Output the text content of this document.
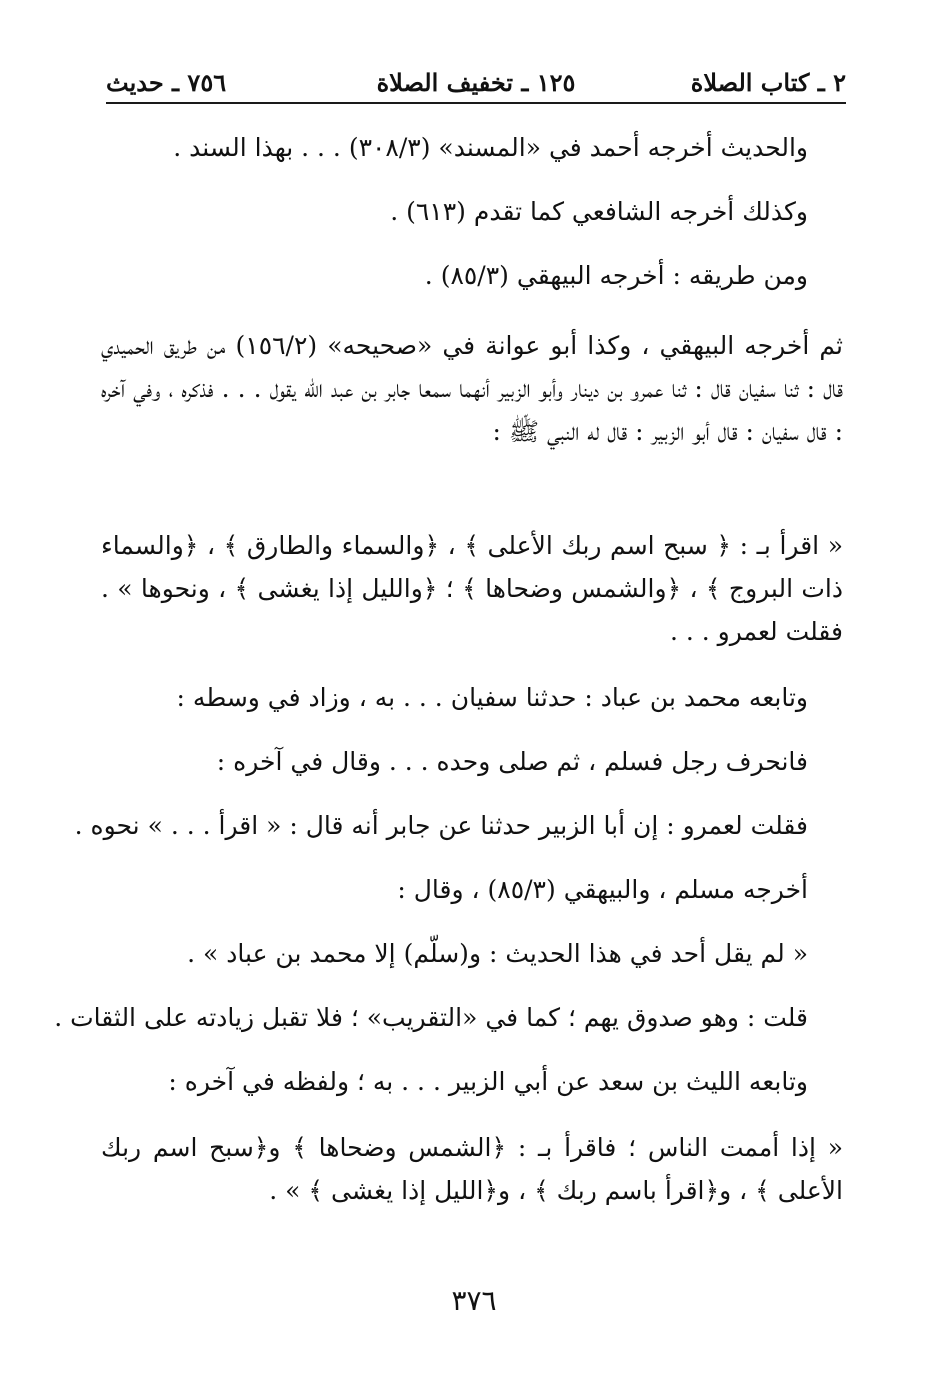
٢ ـ كتاب الصلاة
١٢٥ ـ تخفيف الصلاة
٧٥٦ ـ حديث
والحديث أخرجه أحمد في «المسند» (٣٠٨/٣) . . . بهذا السند .
وكذلك أخرجه الشافعي كما تقدم (٦١٣) .
ومن طريقه : أخرجه البيهقي (٨٥/٣) .
ثم أخرجه البيهقي ، وكذا أبو عوانة في «صحيحه» (١٥٦/٢) من طريق الحميدي قال : ثنا سفيان قال : ثنا عمرو بن دينار وأبو الزبير أنهما سمعا جابر بن عبد الله يقول . . . فذكره ، وفي آخره : قال سفيان : قال أبو الزبير : قال له النبي ﷺ :
« اقرأ بـ : ﴿ سبح اسم ربك الأعلى ﴾ ، ﴿والسماء والطارق ﴾ ، ﴿والسماء ذات البروج ﴾ ، ﴿والشمس وضحاها ﴾ ؛ ﴿والليل إذا يغشى ﴾ ، ونحوها » . فقلت لعمرو . . .
وتابعه محمد بن عباد : حدثنا سفيان . . . به ، وزاد في وسطه :
فانحرف رجل فسلم ، ثم صلى وحده . . . وقال في آخره :
فقلت لعمرو : إن أبا الزبير حدثنا عن جابر أنه قال : « اقرأ . . . » نحوه .
أخرجه مسلم ، والبيهقي (٨٥/٣) ، وقال :
« لم يقل أحد في هذا الحديث : و(سلّم) إلا محمد بن عباد » .
قلت : وهو صدوق يهم ؛ كما في «التقريب» ؛ فلا تقبل زيادته على الثقات .
وتابعه الليث بن سعد عن أبي الزبير . . . به ؛ ولفظه في آخره :
« إذا أممت الناس ؛ فاقرأ بـ : ﴿الشمس وضحاها ﴾ و﴿سبح اسم ربك الأعلى ﴾ ، و﴿اقرأ باسم ربك ﴾ ، و﴿الليل إذا يغشى ﴾ » .
٣٧٦
